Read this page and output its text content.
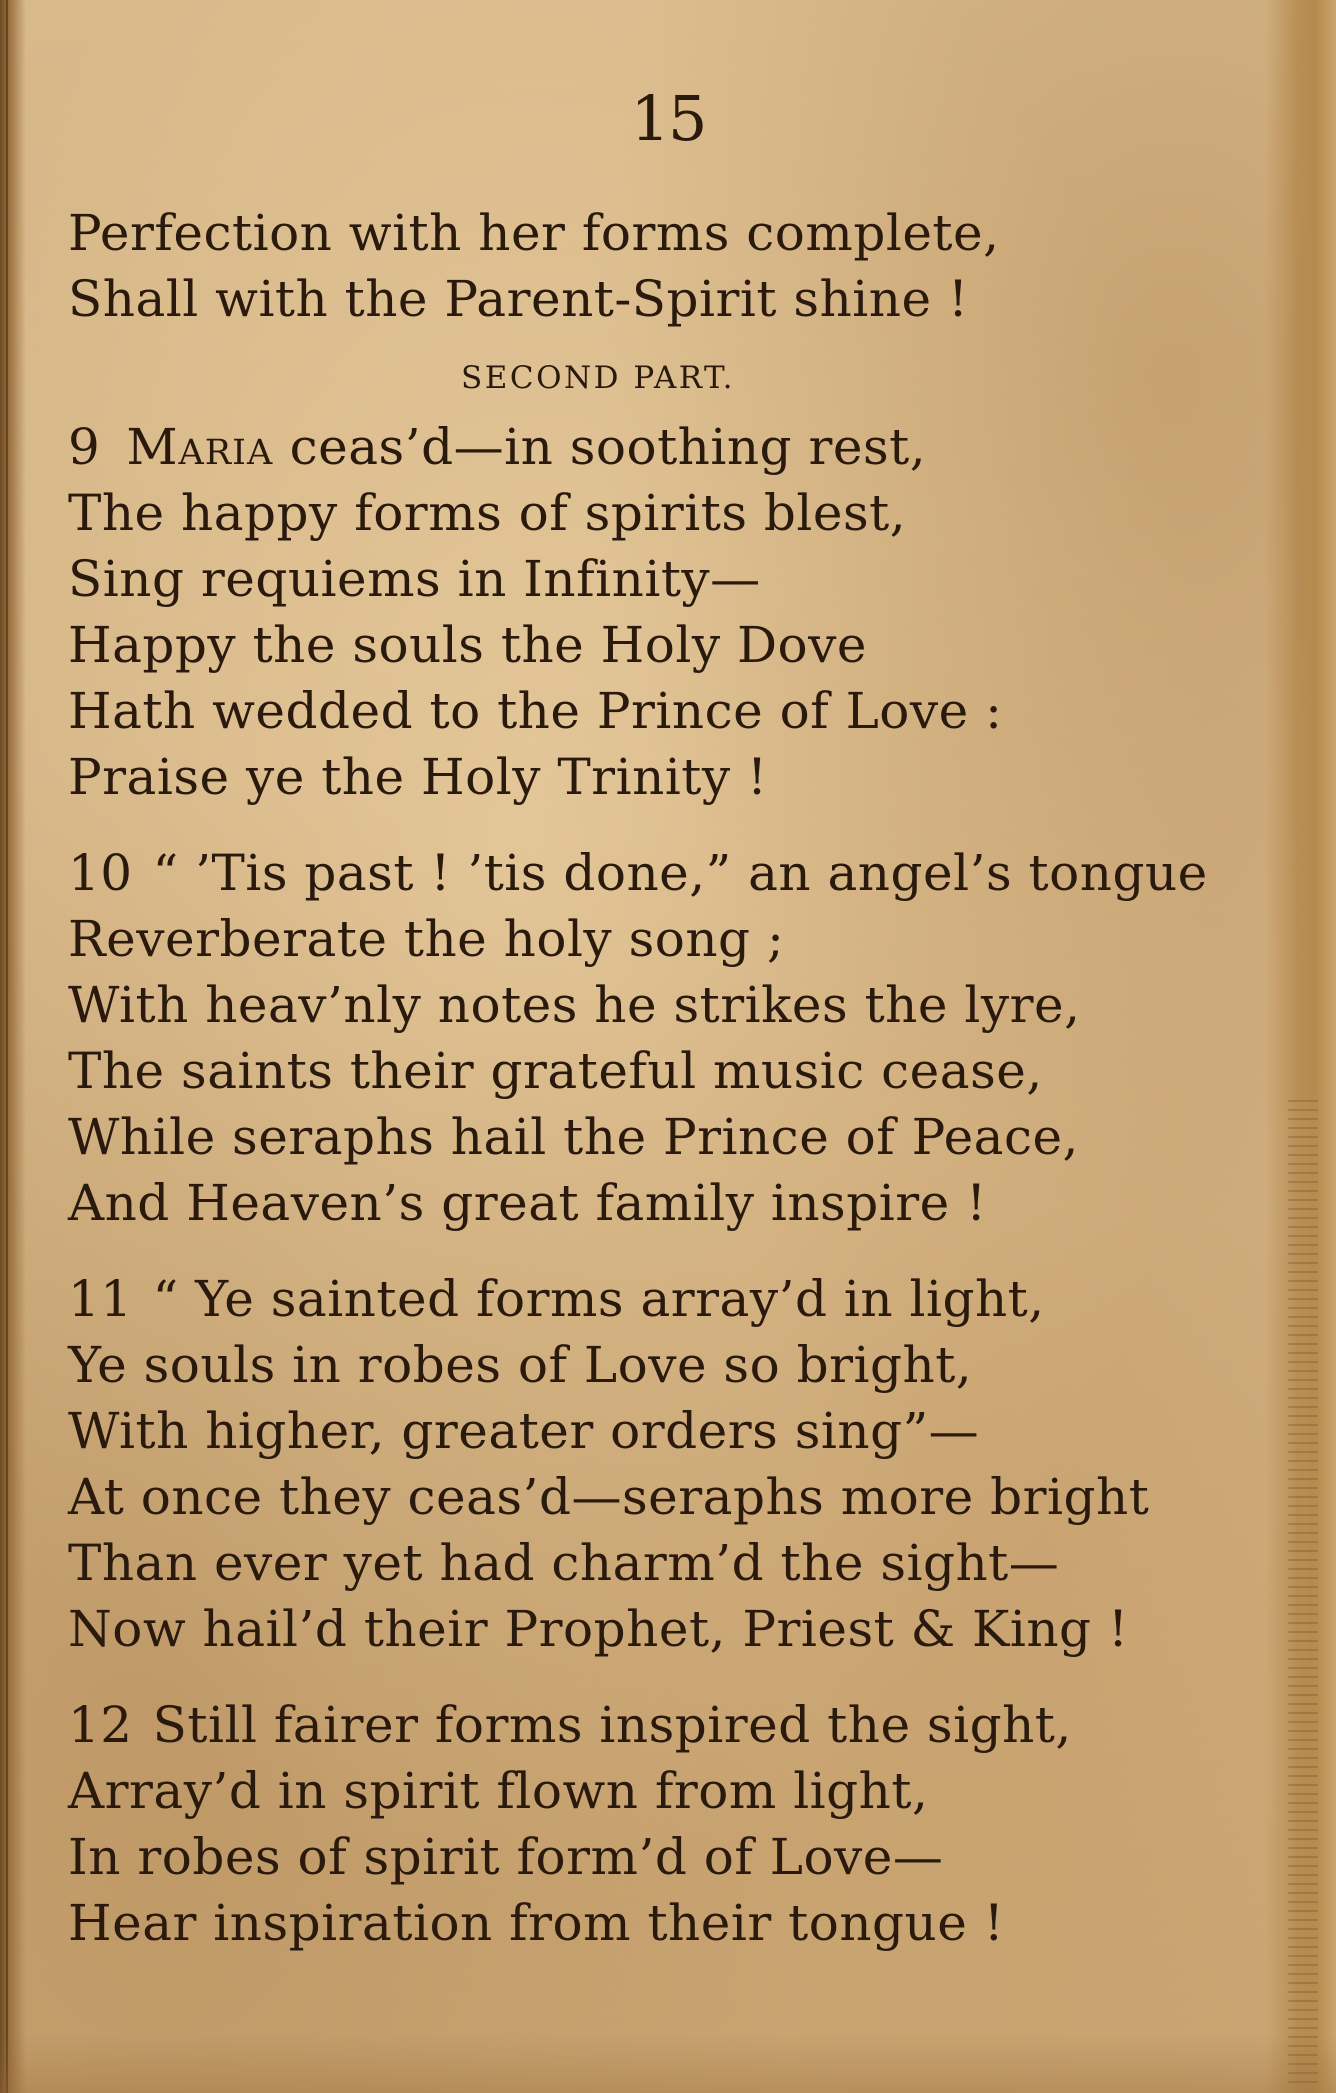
15
Perfection with her forms complete,
Shall with the Parent-Spirit shine !
SECOND PART.
9 Maria ceas’d—in soothing rest,
The happy forms of spirits blest,
Sing requiems in Infinity—
Happy the souls the Holy Dove
Hath wedded to the Prince of Love :
Praise ye the Holy Trinity !
10 “ ’Tis past ! ’tis done,” an angel’s tongue
Reverberate the holy song ;
With heav’nly notes he strikes the lyre,
The saints their grateful music cease,
While seraphs hail the Prince of Peace,
And Heaven’s great family inspire !
11 “ Ye sainted forms array’d in light,
Ye souls in robes of Love so bright,
With higher, greater orders sing”—
At once they ceas’d—seraphs more bright
Than ever yet had charm’d the sight—
Now hail’d their Prophet, Priest & King !
12 Still fairer forms inspired the sight,
Array’d in spirit flown from light,
In robes of spirit form’d of Love—
Hear inspiration from their tongue !
